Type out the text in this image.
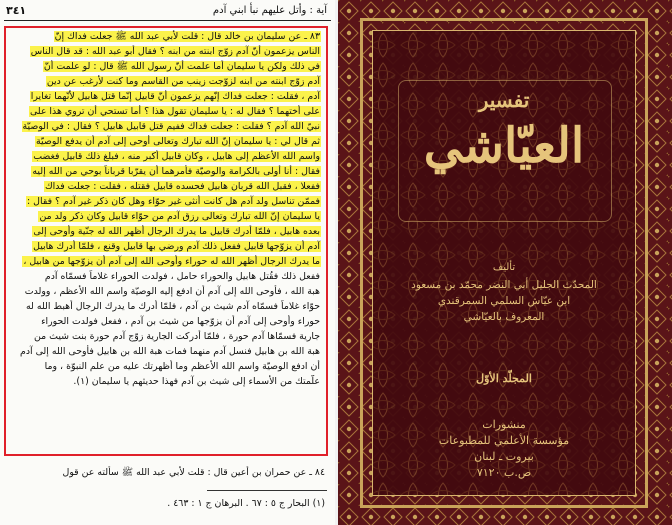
آية : وأتل عليهم نبأ ابني آدم
٣٤١
٨٣ ـ عن سليمان بن خالد قال : قلت لأبي عبد الله ﷺ جعلت فداك إنّ
الناس يزعمون أنّ آدم زوّج ابنته من ابنه ؟ فقال أبو عبد الله : قد قال الناس
في ذلك ولكن يا سليمان أما علمت أنّ رسول الله ﷺ قال : لو علمت أنّ
آدم زوّج ابنته من ابنه لزوّجت زينب من القاسم وما كنت لأرغب عن دين
آدم ، فقلت : جعلت فداك إنّهم يزعمون أنّ قابيل إنّما قتل هابيل لأنّهما تغايرا
على أختهما ؟ فقال له : يا سليمان تقول هذا ؟ أما تستحي أن تروي هذا على
نبيّ الله آدم ؟ فقلت : جعلت فداك ففيم قتل قابيل هابيل ؟ فقال : في الوصيّة
ثم قال لي : يا سليمان إنّ الله تبارك وتعالى أوحى إلى آدم أن يدفع الوصيّة
واسم الله الأعظم إلى هابيل ، وكان قابيل أكبر منه ، فبلغ ذلك قابيل فغضب
فقال : أنا أولى بالكرامة والوصيّة فأمرهما أن يقرّبا قرباناً بوحي من الله إليه
ففعلا ، فقبل الله قربان هابيل فحسده قابيل فقتله ، فقلت : جعلت فداك
فممّن تناسل ولد آدم هل كانت أنثى غير حوّاء وهل كان ذكر غير آدم ؟ فقال :
يا سليمان إنّ الله تبارك وتعالى رزق آدم من حوّاء قابيل وكان ذكر ولد من
بعده هابيل ، فلمّا أدرك قابيل ما يدرك الرجال أظهر الله له جنّية وأوحى إلى
آدم أن يزوّجها قابيل ففعل ذلك آدم ورضي بها قابيل وقنع ، فلمّا أدرك هابيل
ما يدرك الرجال أظهر الله له حوراء وأوحى الله إلى آدم أن يزوّجها من هابيل ،
ففعل ذلك فقُتل هابيل والحوراء حامل ، فولدت الحوراء غلاماً فسمّاه آدم
هبة الله ، فأوحى الله إلى آدم أن ادفع إليه الوصيّة واسم الله الأعظم ، وولدت
حوّاء غلاماً فسمّاه آدم شيث بن آدم ، فلمّا أدرك ما يدرك الرجال أهبط الله له
حوراء وأوحى إلى آدم أن يزوّجها من شيث بن آدم ، ففعل فولدت الحوراء
جارية فسمّاها آدم حورة ، فلمّا أدركت الجارية زوّج آدم حورة بنت شيث من
هبة الله بن هابيل فنسل آدم منهما فمات هبة الله بن هابيل فأوحى الله إلى آدم
أن ادفع الوصيّة واسم الله الأعظم وما أظهرتك عليه من علم النبوّة ، وما
علّمتك من الأسماء إلى شيث بن آدم فهذا حديثهم يا سليمان (١).
٨٤ ـ عن حمران بن أعين قال : قلت لأبي عبد الله ﷺ سألته عن قول
(١) البحار ج ٥ : ٦٧ . البرهان ج ١ : ٤٦٣ .
تفسير
العيّاشي
تأليف
المحدّث الجليل أبي النضر محمّد بن مسعود
ابن عيّاش السلمي السمرقندي
المعروف بالعيّاشي
المجلّد الأوّل
منشورات
مؤسسة الأعلمي للمطبوعات
بيروت ـ لبنان
ص.ب ٧١٢٠
